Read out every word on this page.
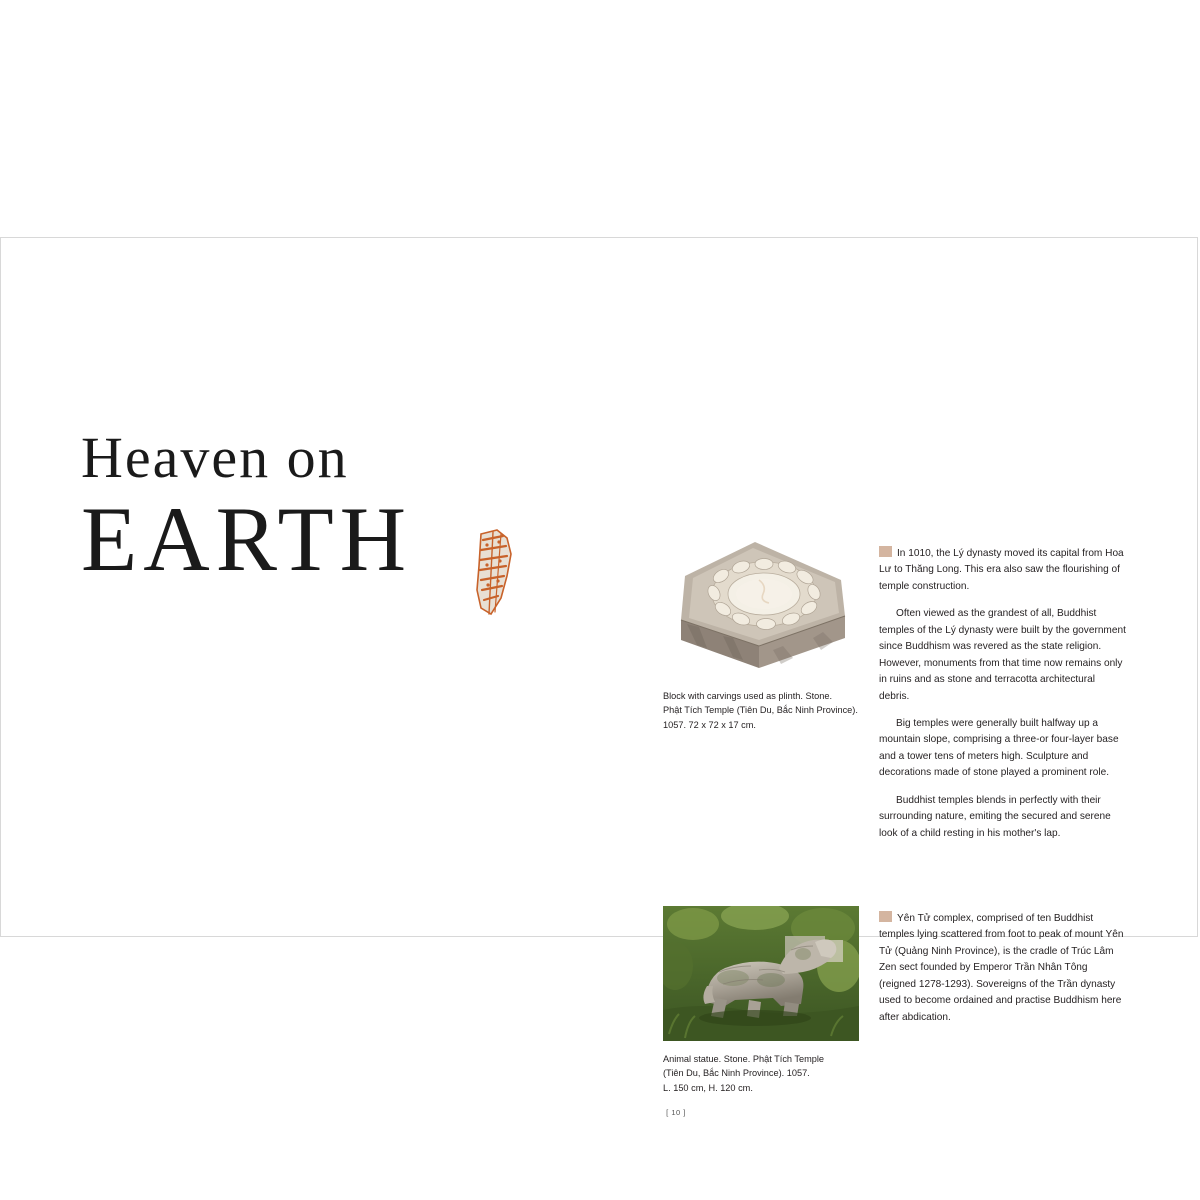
Heaven on
EARTH
Block with carvings used as plinth. Stone.
Phật Tích Temple (Tiên Du, Bắc Ninh Province).
1057. 72 x 72 x 17 cm.
Animal statue. Stone. Phật Tích Temple
(Tiên Du, Bắc Ninh Province). 1057.
L. 150 cm, H. 120 cm.

In 1010, the Lý dynasty moved its capital from Hoa Lư to Thăng Long. This era also saw the flourishing of temple construction.

Often viewed as the grandest of all, Buddhist temples of the Lý dynasty were built by the government since Buddhism was revered as the state religion. However, monuments from that time now remains only in ruins and as stone and terracotta architectural debris.

Big temples were generally built halfway up a mountain slope, comprising a three-or four-layer base and a tower tens of meters high. Sculpture and decorations made of stone played a prominent role.

Buddhist temples blends in perfectly with their surrounding nature, emiting the secured and serene look of a child resting in his mother's lap.

Yên Tử complex, comprised of ten Buddhist temples lying scattered from foot to peak of mount Yên Tử (Quảng Ninh Province), is the cradle of Trúc Lâm Zen sect founded by Emperor Trần Nhân Tông (reigned 1278-1293). Sovereigns of the Trần dynasty used to become ordained and practise Buddhism here after abdication.

[ 10 ]
